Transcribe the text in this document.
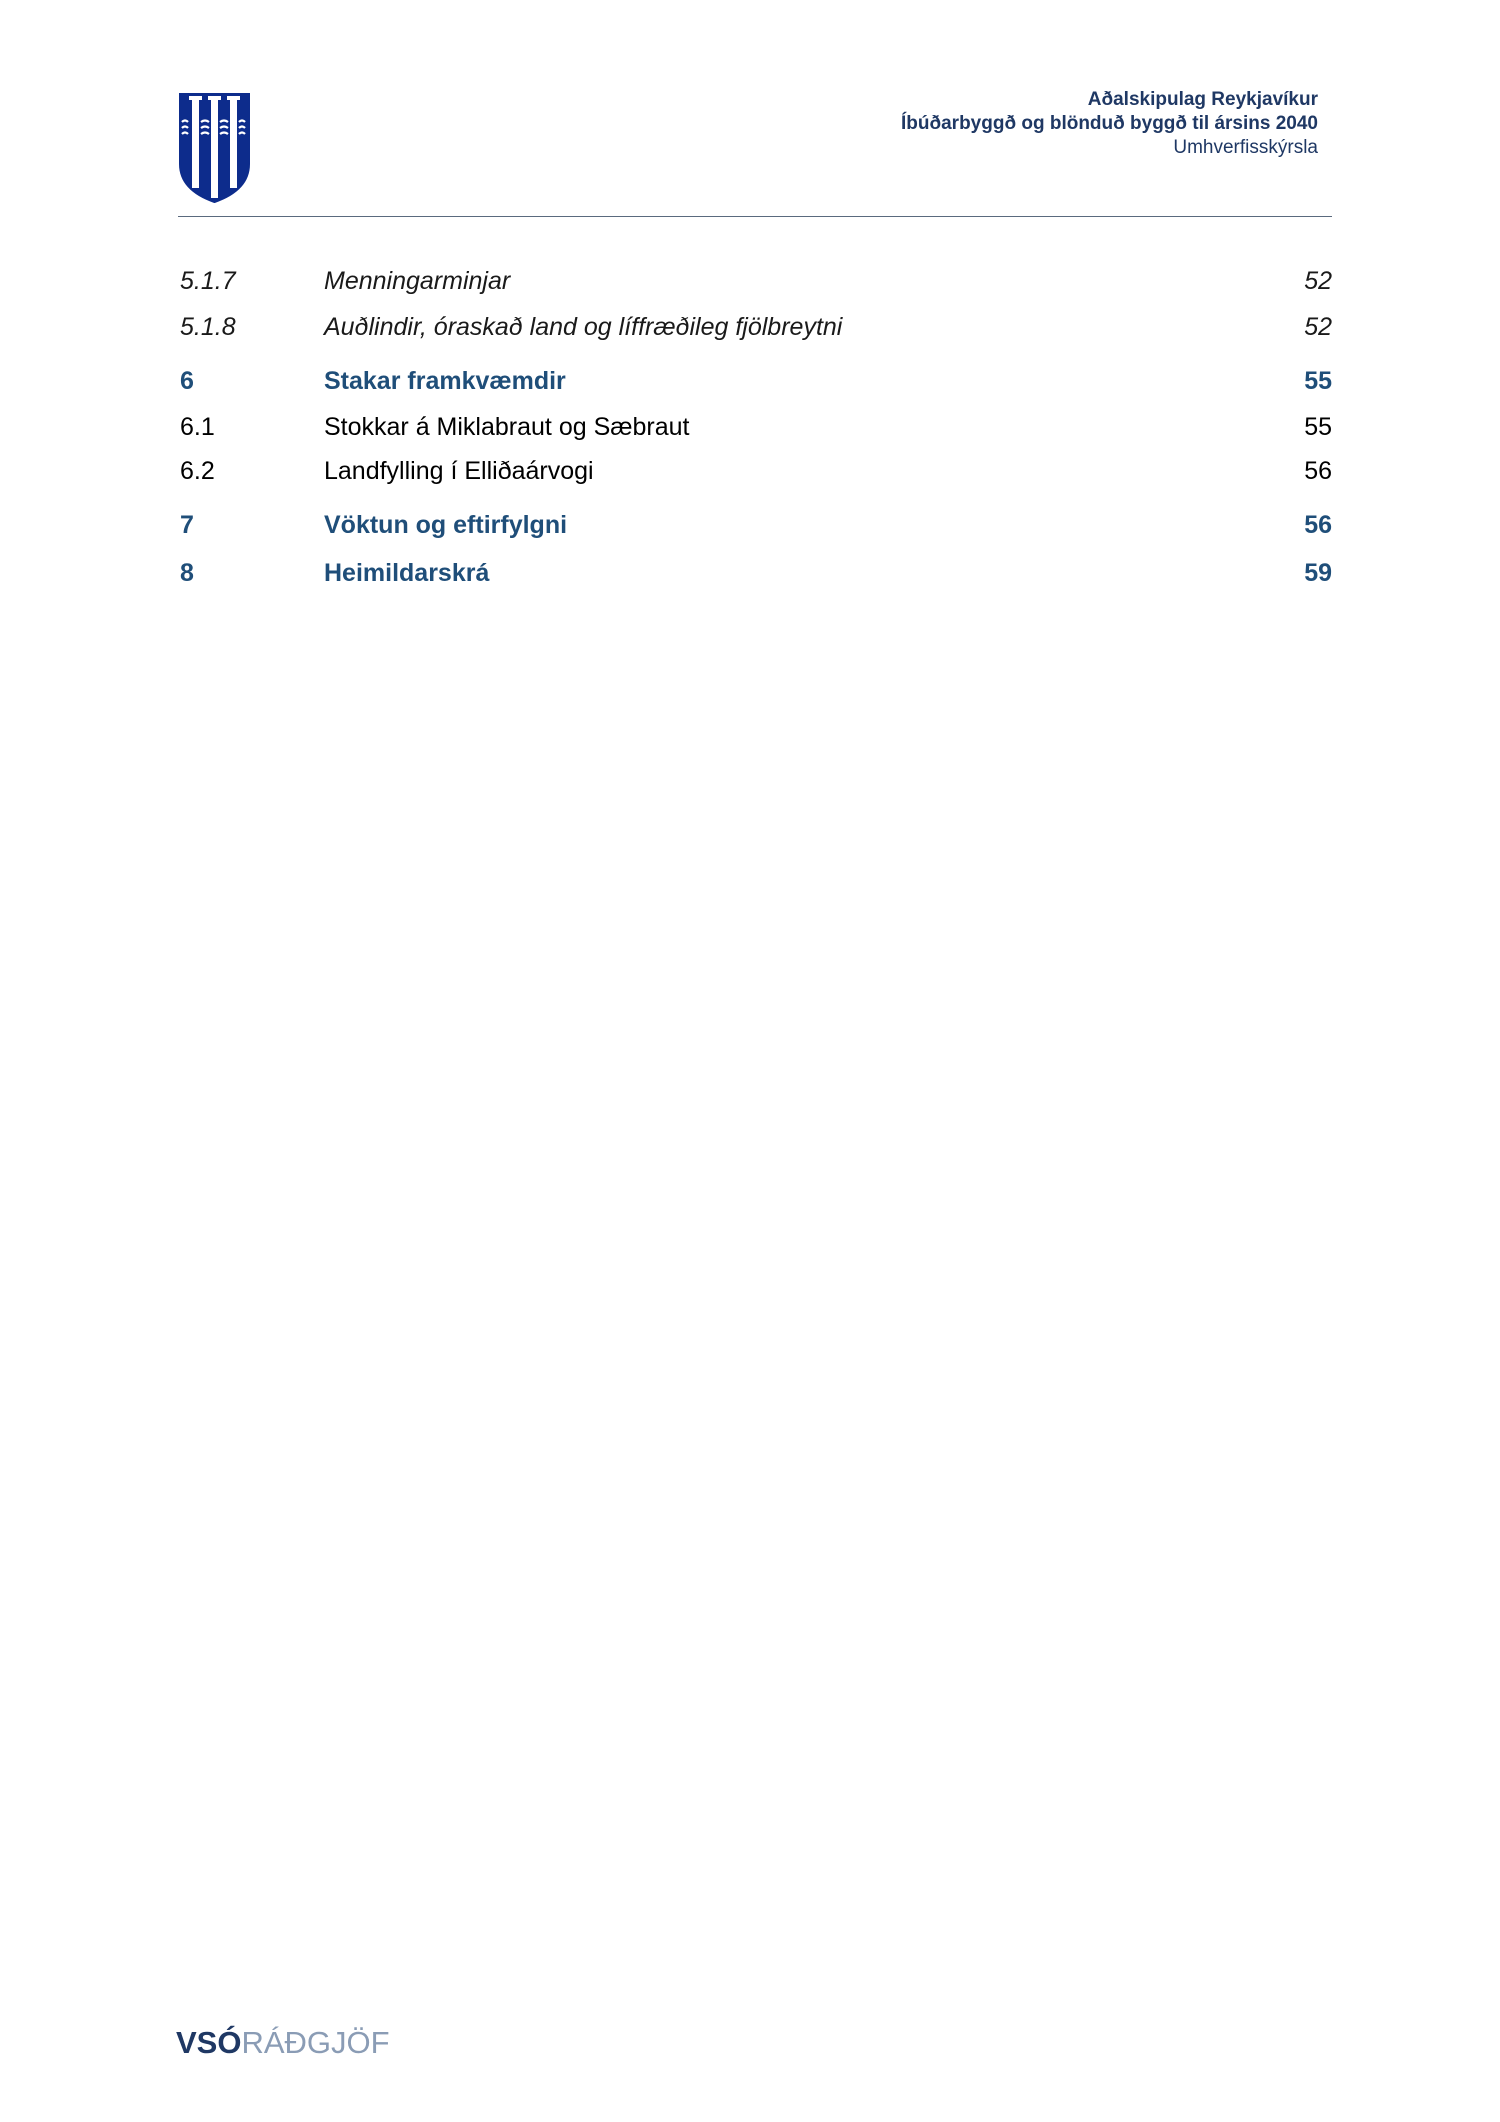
Aðalskipulag Reykjavíkur
Íbúðarbyggð og blönduð byggð til ársins 2040
Umhverfisskýrsla
5.1.7	Menningarminjar	52
5.1.8	Auðlindir, óraskað land og líffræðileg fjölbreytni	52
6	Stakar framkvæmdir	55
6.1	Stokkar á Miklabraut og Sæbraut	55
6.2	Landfylling í Elliðaárvogi	56
7	Vöktun og eftirfylgni	56
8	Heimildarskrá	59
VSÓRÁÐGJÖF
